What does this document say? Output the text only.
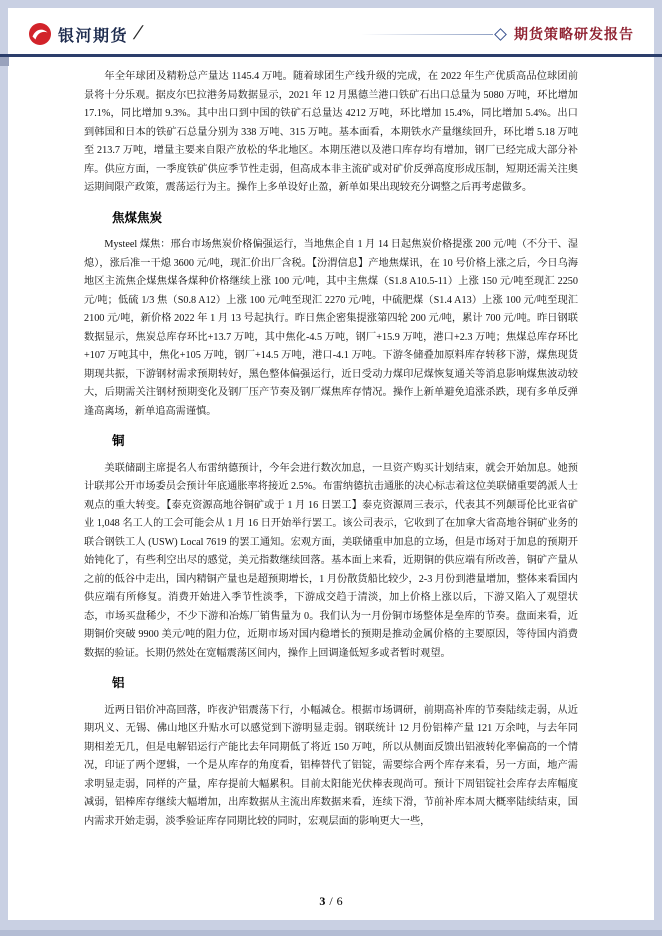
银河期货 /	期货策略研发报告

年全年球团及精粉总产量达 1145.4 万吨。随着球团生产线升级的完成，在 2022 年生产优质高品位球团前景将十分乐观。据皮尔巴拉港务局数据显示，2021 年 12 月黑德兰港口铁矿石出口总量为 5080 万吨，环比增加 17.1%，同比增加 9.3%。其中出口到中国的铁矿石总量达 4212 万吨，环比增加 15.4%，同比增加 5.4%。出口到韩国和日本的铁矿石总量分别为 338 万吨、315 万吨。基本面看，本期铁水产量继续回升，环比增 5.18 万吨至 213.7 万吨，增量主要来自限产放松的华北地区。本期压港以及港口库存均有增加，钢厂已经完成大部分补库。供应方面，一季度铁矿供应季节性走弱，但高成本非主流矿或对矿价反弹高度形成压制，短期还需关注奥运期间限产政策，震荡运行为主。操作上多单设好止盈，新单如果出现较充分调整之后再考虑做多。

焦煤焦炭

Mysteel 煤焦：邢台市场焦炭价格偏强运行，当地焦企自 1 月 14 日起焦炭价格提涨 200 元/吨（不分干、湿熄），涨后准一干熄 3600 元/吨，现汇价出厂含税。【汾渭信息】产地焦煤讯，在 10 号价格上涨之后，今日乌海地区主流焦企煤焦煤各煤种价格继续上涨 100 元/吨，其中主焦煤（S1.8 A10.5-11）上涨 150 元/吨至现汇 2250 元/吨；低硫 1/3 焦（S0.8 A12）上涨 100 元/吨至现汇 2270 元/吨，中硫肥煤（S1.4 A13）上涨 100 元/吨至现汇 2100 元/吨，新价格 2022 年 1 月 13 号起执行。昨日焦企密集提涨第四轮 200 元/吨，累计 700 元/吨。昨日钢联数据显示，焦炭总库存环比+13.7 万吨，其中焦化-4.5 万吨，钢厂+15.9 万吨，港口+2.3 万吨；焦煤总库存环比+107 万吨其中，焦化+105 万吨，钢厂+14.5 万吨，港口-4.1 万吨。下游冬储叠加原料库存转移下游，煤焦现货期现共振，下游钢材需求预期转好，黑色整体偏强运行，近日受动力煤印尼煤恢复通关等消息影响煤焦波动较大，后期需关注钢材预期变化及钢厂压产节奏及钢厂煤焦库存情况。操作上新单避免追涨杀跌，现有多单反弹逢高离场，新单追高需谨慎。

铜

美联储副主席提名人布雷纳德预计，今年会进行数次加息，一旦资产购买计划结束，就会开始加息。她预计联邦公开市场委员会预计年底通胀率将接近 2.5%。布雷纳德抗击通胀的决心标志着这位美联储重要鸽派人士观点的重大转变。【泰克资源高地谷铜矿或于 1 月 16 日罢工】泰克资源周三表示，代表其不列颠哥伦比亚省矿业 1,048 名工人的工会可能会从 1 月 16 日开始举行罢工。该公司表示，它收到了在加拿大省高地谷铜矿业务的联合钢铁工人 (USW) Local 7619 的罢工通知。宏观方面，美联储重申加息的立场，但是市场对于加息的预期开始钝化了，有些利空出尽的感觉，美元指数继续回落。基本面上来看，近期铜的供应端有所改善，铜矿产量从之前的低谷中走出，国内精铜产量也是超预期增长，1 月份散货船比较少，2-3 月份到港量增加，整体来看国内供应端有所修复。消费开始进入季节性淡季，下游成交趋于清淡，加上价格上涨以后，下游又陷入了观望状态，市场买盘稀少，不少下游和冶炼厂销售量为 0。我们认为一月份铜市场整体是垒库的节奏。盘面来看，近期铜价突破 9900 美元/吨的阻力位，近期市场对国内稳增长的预期是推动金属价格的主要原因，等待国内消费数据的验证。长期仍然处在宽幅震荡区间内，操作上回调逢低短多或者暂时观望。

铝

近两日铝价冲高回落，昨夜沪铝震荡下行，小幅减仓。根据市场调研，前期高补库的节奏陆续走弱，从近期巩义、无锡、佛山地区升贴水可以感觉到下游明显走弱。钢联统计 12 月份铝棒产量 121 万余吨，与去年同期相差无几，但是电解铝运行产能比去年同期低了将近 150 万吨，所以从侧面反馈出铝液转化率偏高的一个情况，印证了两个逻辑，一个是从库存的角度看，铝棒替代了铝锭，需要综合两个库存来看，另一方面，地产需求明显走弱，同样的产量，库存提前大幅累积。目前太阳能光伏棒表现尚可。预计下周铝锭社会库存去库幅度减弱，铝棒库存继续大幅增加，出库数据从主流出库数据来看，连续下滑，节前补库本周大概率陆续结束，国内需求开始走弱，淡季验证库存同期比较的同时，宏观层面的影响更大一些，

3 / 6
